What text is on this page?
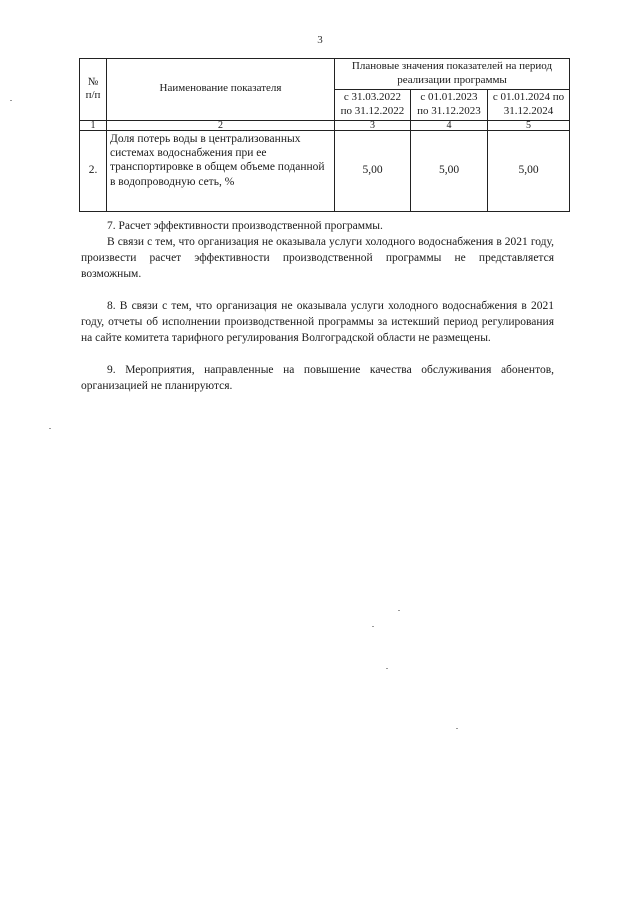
3
№ п/п	Наименование показателя	Плановые значения показателей на период реализации программы		
		с 31.03.2022 по 31.12.2022	с 01.01.2023 по 31.12.2023	с 01.01.2024 по 31.12.2024
1	2	3	4	5
2.	Доля потерь воды в централизованных системах водоснабжения при ее транспортировке в общем объеме поданной в водопроводную сеть, %	5,00	5,00	5,00

7. Расчет эффективности производственной программы.

В связи с тем, что организация не оказывала услуги холодного водоснабжения в 2021 году, произвести расчет эффективности производственной программы не представляется возможным.

8. В связи с тем, что организация не оказывала услуги холодного водоснабжения в 2021 году, отчеты об исполнении производственной программы за истекший период регулирования на сайте комитета тарифного регулирования Волгоградской области не размещены.

9. Мероприятия, направленные на повышение качества обслуживания абонентов, организацией не планируются.
